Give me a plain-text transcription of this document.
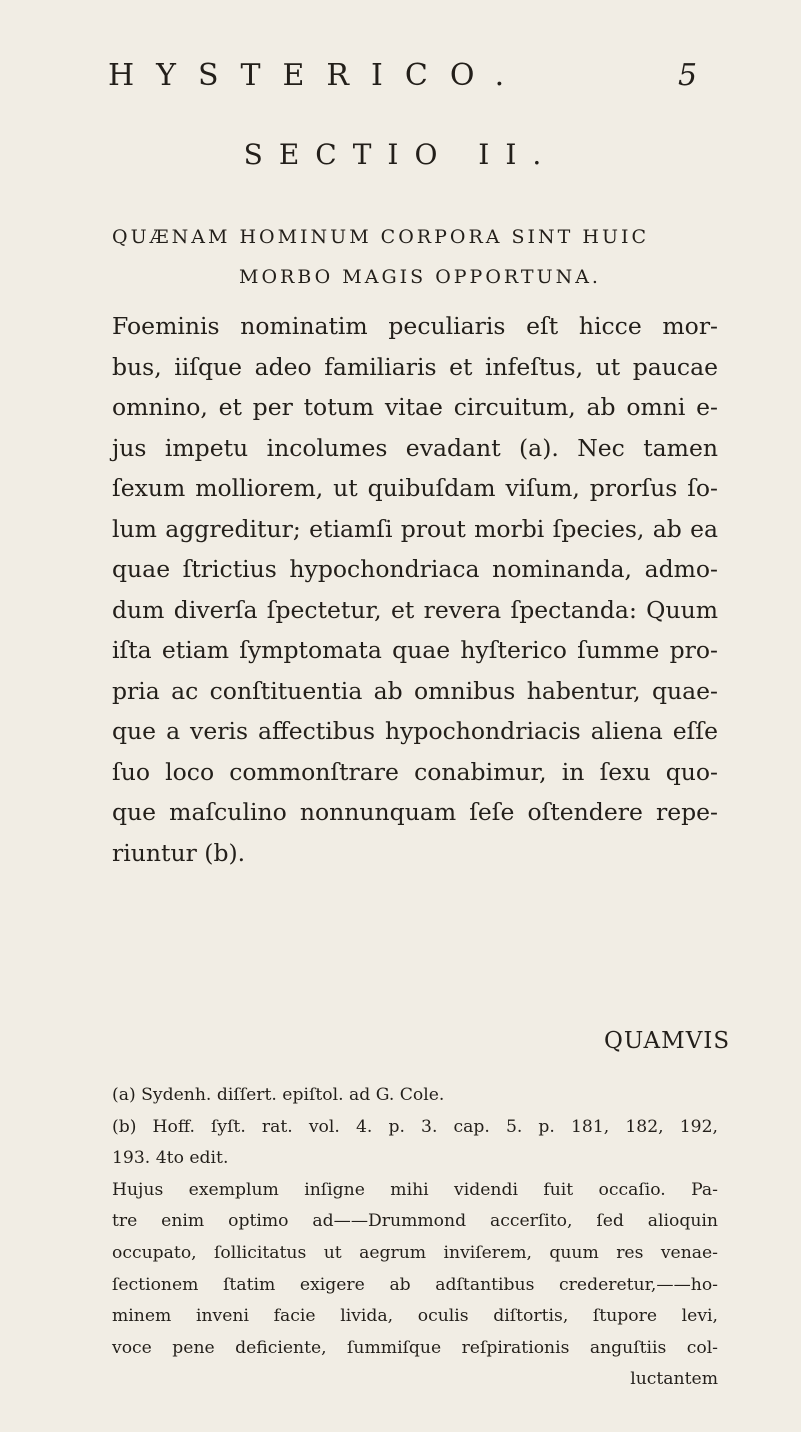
HYSTERICO.	5
SECTIO II.
QUÆNAM HOMINUM CORPORA SINT HUIC
MORBO MAGIS OPPORTUNA.
Foeminis nominatim peculiaris eſt hicce mor-
bus, iiſque adeo familiaris et infeſtus, ut paucae
omnino, et per totum vitae circuitum, ab omni e-
jus impetu incolumes evadant (a). Nec tamen
ſexum molliorem, ut quibuſdam viſum, prorſus ſo-
lum aggreditur; etiamſi prout morbi ſpecies, ab ea
quae ſtrictius hypochondriaca nominanda, admo-
dum diverſa ſpectetur, et revera ſpectanda: Quum
iſta etiam ſymptomata quae hyſterico ſumme pro-
pria ac conſtituentia ab omnibus habentur, quae-
que a veris affectibus hypochondriacis aliena eſſe
ſuo loco commonſtrare conabimur, in ſexu quo-
que maſculino nonnunquam ſeſe oſtendere repe-
riuntur (b).
QUAMVIS
(a) Sydenh. diſſert. epiſtol. ad G. Cole.
(b) Hoff. ſyſt. rat. vol. 4. p. 3. cap. 5. p. 181, 182, 192,
193. 4to edit.
Hujus exemplum inſigne mihi videndi fuit occaſio. Pa-
tre enim optimo ad——Drummond accerſito, ſed alioquin
occupato, ſollicitatus ut aegrum inviſerem, quum res venae-
ſectionem ſtatim exigere ab adſtantibus crederetur,——ho-
minem inveni facie livida, oculis diſtortis, ſtupore levi,
voce pene deficiente, ſummiſque reſpirationis anguſtiis col-
luctantem
